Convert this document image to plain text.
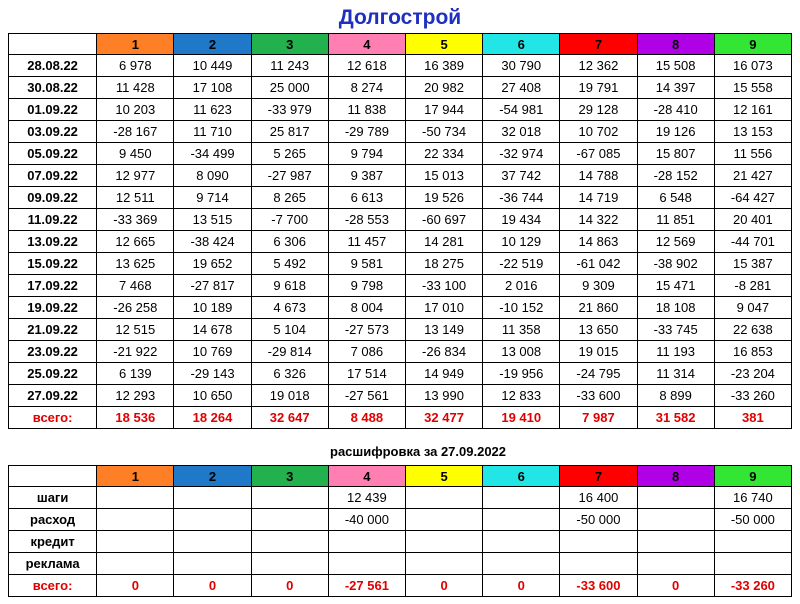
Долгострой
	1	2	3	4	5	6	7	8	9
28.08.22	6 978	10 449	11 243	12 618	16 389	30 790	12 362	15 508	16 073
30.08.22	11 428	17 108	25 000	8 274	20 982	27 408	19 791	14 397	15 558
01.09.22	10 203	11 623	-33 979	11 838	17 944	-54 981	29 128	-28 410	12 161
03.09.22	-28 167	11 710	25 817	-29 789	-50 734	32 018	10 702	19 126	13 153
05.09.22	9 450	-34 499	5 265	9 794	22 334	-32 974	-67 085	15 807	11 556
07.09.22	12 977	8 090	-27 987	9 387	15 013	37 742	14 788	-28 152	21 427
09.09.22	12 511	9 714	8 265	6 613	19 526	-36 744	14 719	6 548	-64 427
11.09.22	-33 369	13 515	-7 700	-28 553	-60 697	19 434	14 322	11 851	20 401
13.09.22	12 665	-38 424	6 306	11 457	14 281	10 129	14 863	12 569	-44 701
15.09.22	13 625	19 652	5 492	9 581	18 275	-22 519	-61 042	-38 902	15 387
17.09.22	7 468	-27 817	9 618	9 798	-33 100	2 016	9 309	15 471	-8 281
19.09.22	-26 258	10 189	4 673	8 004	17 010	-10 152	21 860	18 108	9 047
21.09.22	12 515	14 678	5 104	-27 573	13 149	11 358	13 650	-33 745	22 638
23.09.22	-21 922	10 769	-29 814	7 086	-26 834	13 008	19 015	11 193	16 853
25.09.22	6 139	-29 143	6 326	17 514	14 949	-19 956	-24 795	11 314	-23 204
27.09.22	12 293	10 650	19 018	-27 561	13 990	12 833	-33 600	8 899	-33 260
всего:	18 536	18 264	32 647	8 488	32 477	19 410	7 987	31 582	381
расшифровка за 27.09.2022
	1	2	3	4	5	6	7	8	9
шаги				12 439			16 400		16 740
расход				-40 000			-50 000		-50 000
кредит									
реклама									
всего:	0	0	0	-27 561	0	0	-33 600	0	-33 260
